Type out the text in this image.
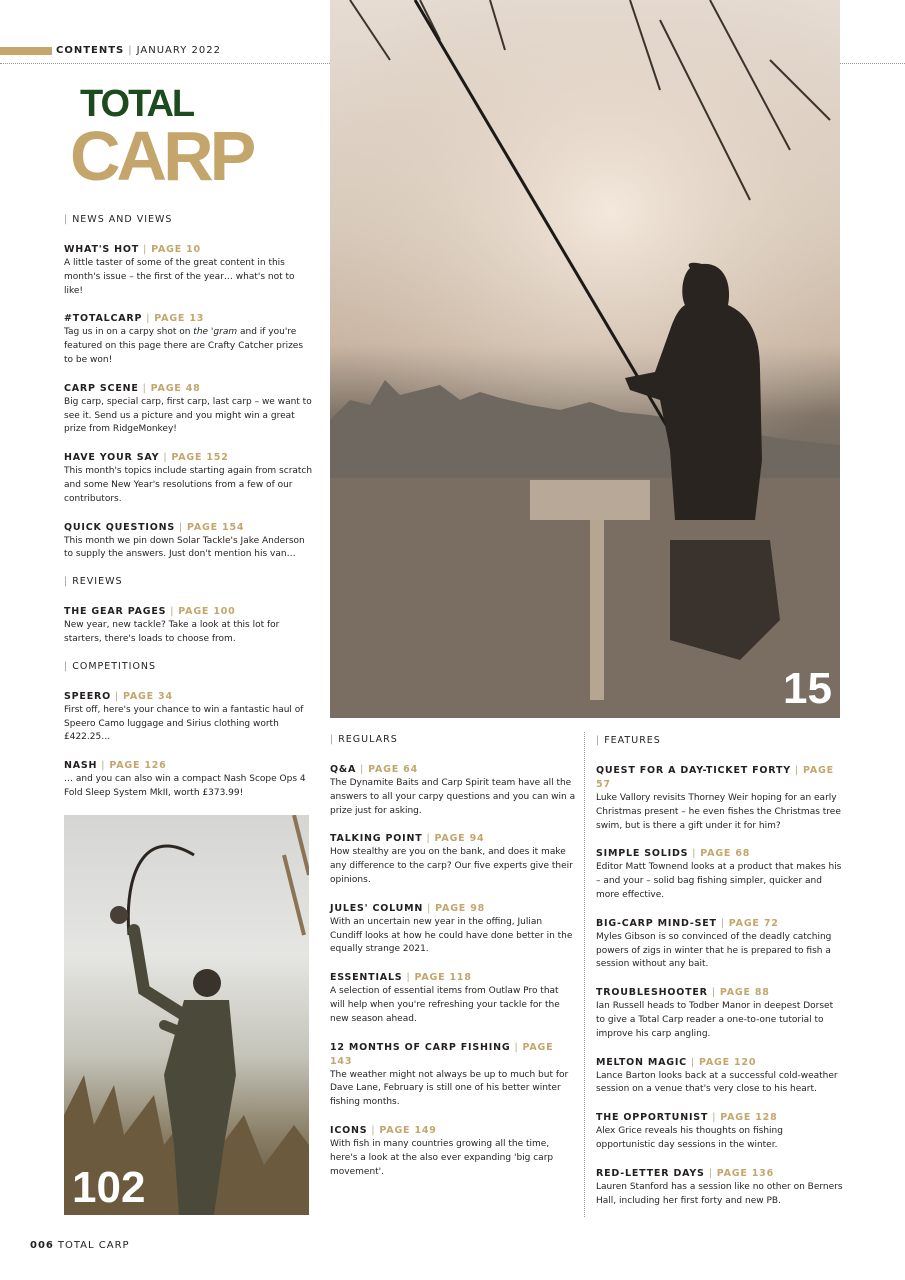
CONTENTS | JANUARY 2022
TOTAL
CARP
| NEWS AND VIEWS
WHAT'S HOT | PAGE 10

A little taster of some of the great content in this month's issue – the first of the year… what's not to like!

#TOTALCARP | PAGE 13

Tag us in on a carpy shot on the 'gram and if you're featured on this page there are Crafty Catcher prizes to be won!

CARP SCENE | PAGE 48

Big carp, special carp, first carp, last carp – we want to see it. Send us a picture and you might win a great prize from RidgeMonkey!

HAVE YOUR SAY | PAGE 152

This month's topics include starting again from scratch and some New Year's resolutions from a few of our contributors.

QUICK QUESTIONS | PAGE 154

This month we pin down Solar Tackle's Jake Anderson to supply the answers. Just don't mention his van…

| REVIEWS
THE GEAR PAGES | PAGE 100

New year, new tackle? Take a look at this lot for starters, there's loads to choose from.

| COMPETITIONS
SPEERO | PAGE 34

First off, here's your chance to win a fantastic haul of Speero Camo luggage and Sirius clothing worth £422.25…

NASH | PAGE 126

… and you can also win a compact Nash Scope Ops 4 Fold Sleep System MkII, worth £373.99!

15
| REGULARS
Q&A | PAGE 64

The Dynamite Baits and Carp Spirit team have all the answers to all your carpy questions and you can win a prize just for asking.

TALKING POINT | PAGE 94

How stealthy are you on the bank, and does it make any difference to the carp? Our five experts give their opinions.

JULES' COLUMN | PAGE 98

With an uncertain new year in the offing, Julian Cundiff looks at how he could have done better in the equally strange 2021.

ESSENTIALS | PAGE 118

A selection of essential items from Outlaw Pro that will help when you're refreshing your tackle for the new season ahead.

12 MONTHS OF CARP FISHING | PAGE 143

The weather might not always be up to much but for Dave Lane, February is still one of his better winter fishing months.

ICONS | PAGE 149

With fish in many countries growing all the time, here's a look at the also ever expanding 'big carp movement'.

| FEATURES
QUEST FOR A DAY-TICKET FORTY | PAGE 57

Luke Vallory revisits Thorney Weir hoping for an early Christmas present – he even fishes the Christmas tree swim, but is there a gift under it for him?

SIMPLE SOLIDS | PAGE 68

Editor Matt Townend looks at a product that makes his – and your – solid bag fishing simpler, quicker and more effective.

BIG-CARP MIND-SET | PAGE 72

Myles Gibson is so convinced of the deadly catching powers of zigs in winter that he is prepared to fish a session without any bait.

TROUBLESHOOTER | PAGE 88

Ian Russell heads to Todber Manor in deepest Dorset to give a Total Carp reader a one-to-one tutorial to improve his carp angling.

MELTON MAGIC | PAGE 120

Lance Barton looks back at a successful cold-weather session on a venue that's very close to his heart.

THE OPPORTUNIST | PAGE 128

Alex Grice reveals his thoughts on fishing opportunistic day sessions in the winter.

RED-LETTER DAYS | PAGE 136

Lauren Stanford has a session like no other on Berners Hall, including her first forty and new PB.

102
006 TOTAL CARP
